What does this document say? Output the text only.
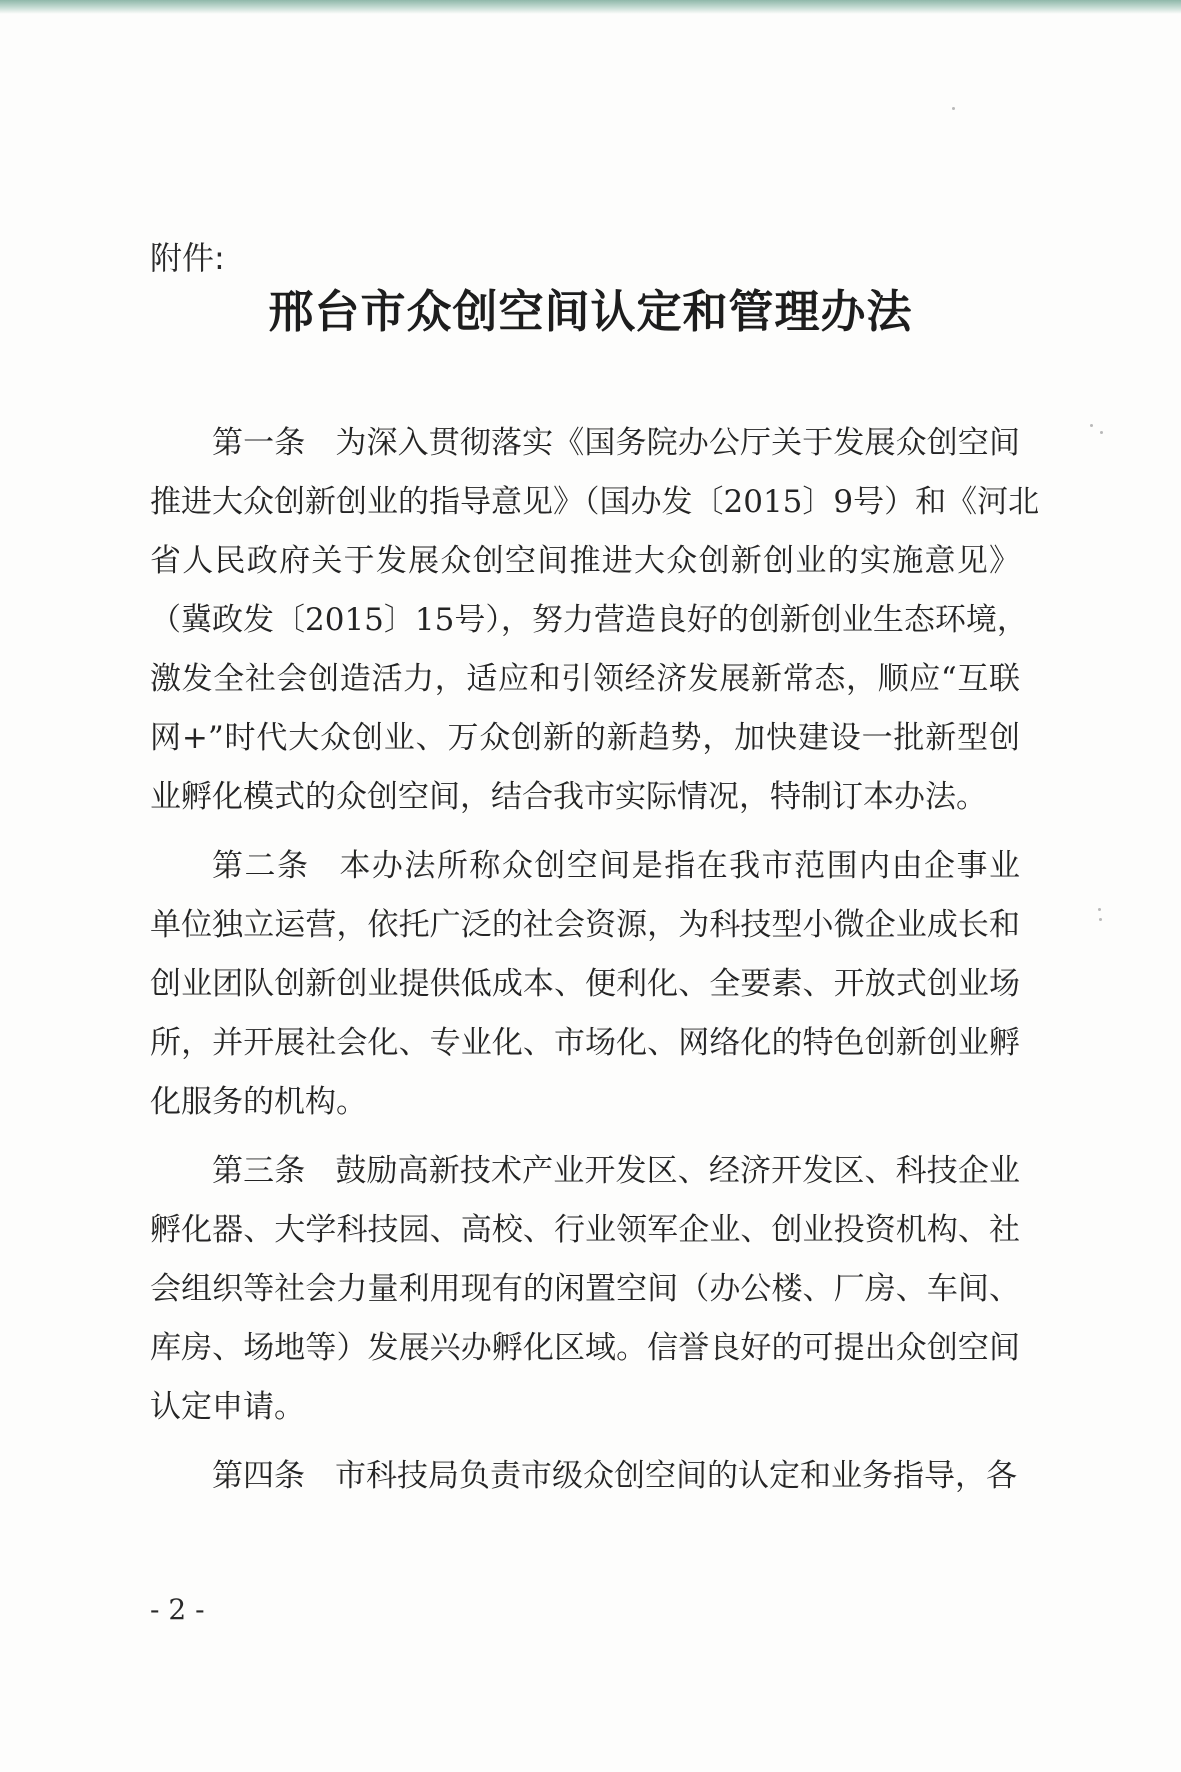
附件:
邢台市众创空间认定和管理办法
第一条 为深入贯彻落实《国务院办公厅关于发展众创空间
推进大众创新创业的指导意见》（国办发〔2015〕9号）和《河北
省人民政府关于发展众创空间推进大众创新创业的实施意见》
（冀政发〔2015〕15号），努力营造良好的创新创业生态环境，
激发全社会创造活力，适应和引领经济发展新常态，顺应“互联
网+”时代大众创业、万众创新的新趋势，加快建设一批新型创
业孵化模式的众创空间，结合我市实际情况，特制订本办法。
第二条 本办法所称众创空间是指在我市范围内由企事业
单位独立运营，依托广泛的社会资源，为科技型小微企业成长和
创业团队创新创业提供低成本、便利化、全要素、开放式创业场
所，并开展社会化、专业化、市场化、网络化的特色创新创业孵
化服务的机构。
第三条 鼓励高新技术产业开发区、经济开发区、科技企业
孵化器、大学科技园、高校、行业领军企业、创业投资机构、社
会组织等社会力量利用现有的闲置空间（办公楼、厂房、车间、
库房、场地等）发展兴办孵化区域。信誉良好的可提出众创空间
认定申请。
第四条 市科技局负责市级众创空间的认定和业务指导，各
- 2 -
